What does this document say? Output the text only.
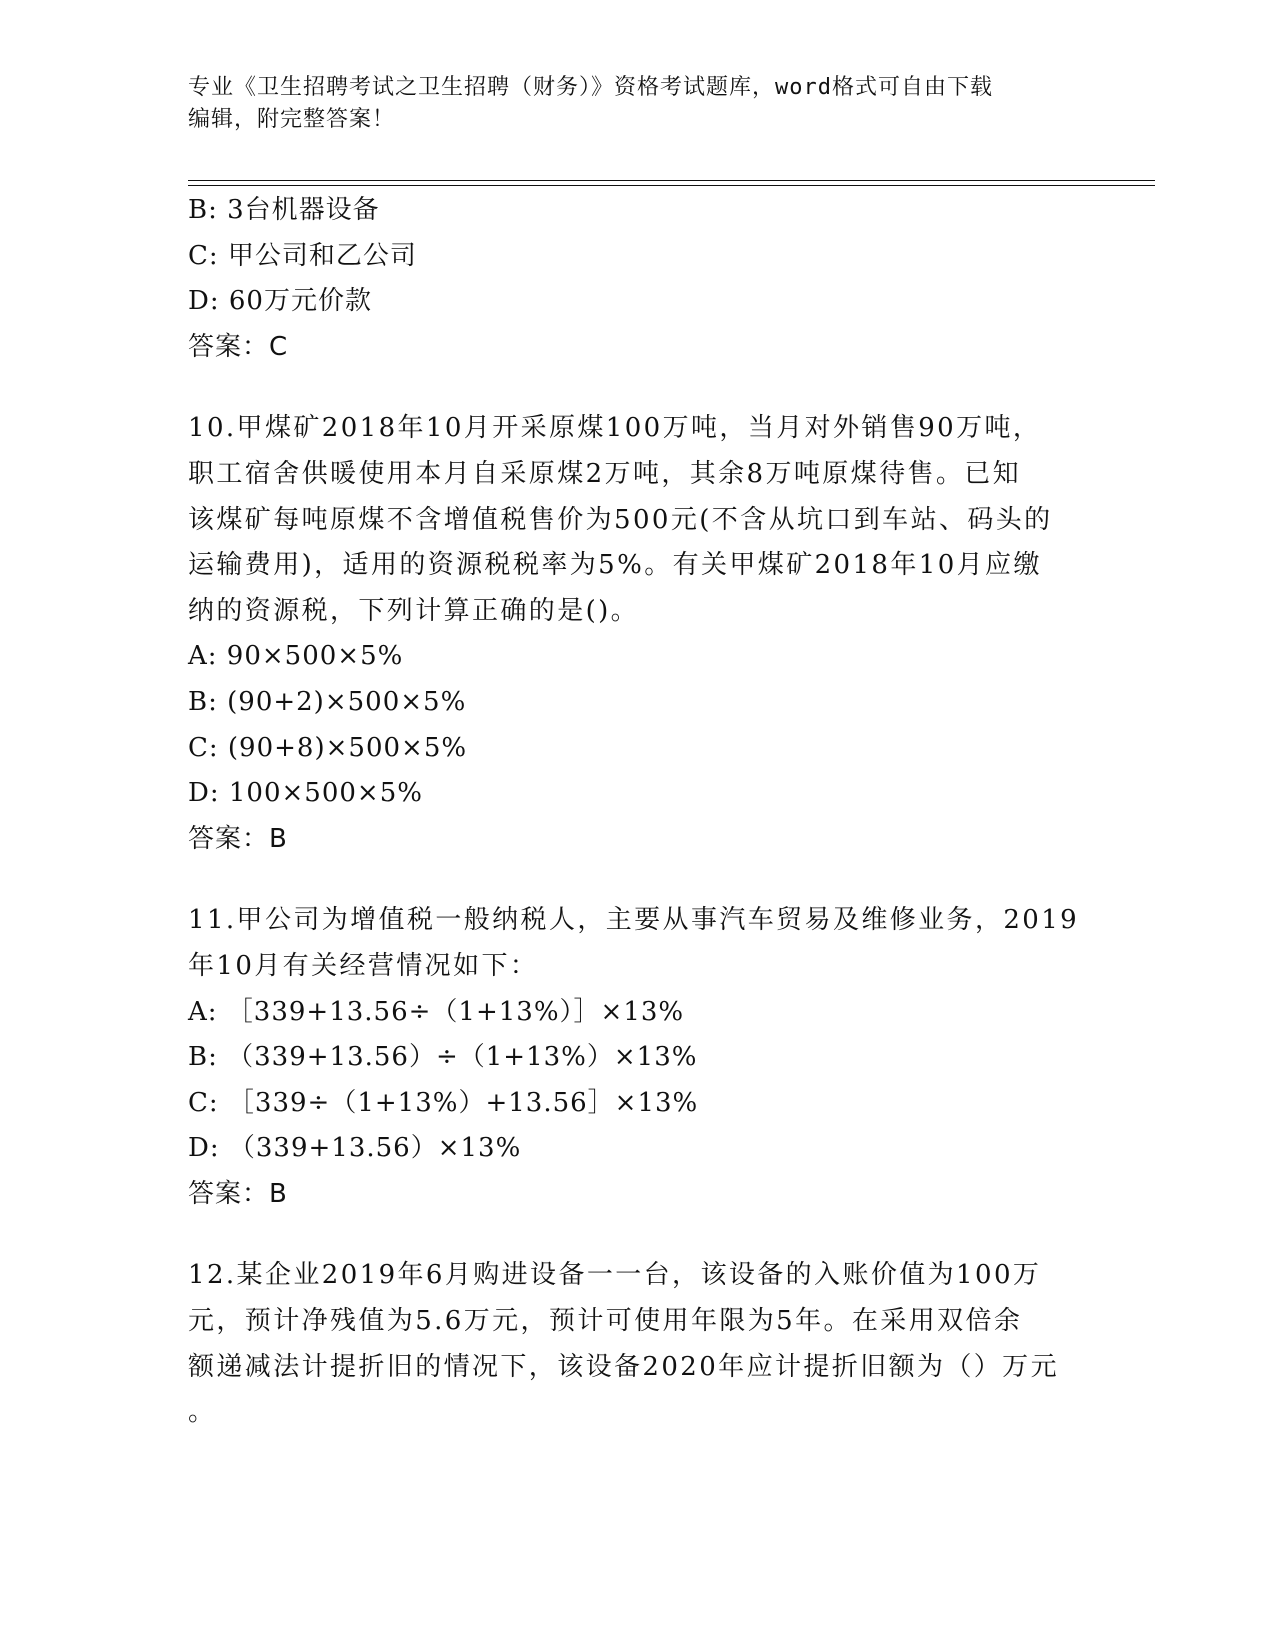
专业《卫生招聘考试之卫生招聘（财务）》资格考试题库，word格式可自由下载
编辑，附完整答案！
B: 3台机器设备
C: 甲公司和乙公司
D: 60万元价款
答案：C
10.甲煤矿2018年10月开采原煤100万吨，当月对外销售90万吨，
职工宿舍供暖使用本月自采原煤2万吨，其余8万吨原煤待售。已知
该煤矿每吨原煤不含增值税售价为500元(不含从坑口到车站、码头的
运输费用)，适用的资源税税率为5%。有关甲煤矿2018年10月应缴
纳的资源税，下列计算正确的是()。
A: 90×500×5%
B: (90+2)×500×5%
C: (90+8)×500×5%
D: 100×500×5%
答案：B
11.甲公司为增值税一般纳税人，主要从事汽车贸易及维修业务，2019
年10月有关经营情况如下：
A: ［339+13.56÷（1+13%）］×13%
B: （339+13.56）÷（1+13%）×13%
C: ［339÷（1+13%）+13.56］×13%
D: （339+13.56）×13%
答案：B
12.某企业2019年6月购进设备一一台，该设备的入账价值为100万
元，预计净残值为5.6万元，预计可使用年限为5年。在采用双倍余
额递减法计提折旧的情况下，该设备2020年应计提折旧额为（）万元
。
